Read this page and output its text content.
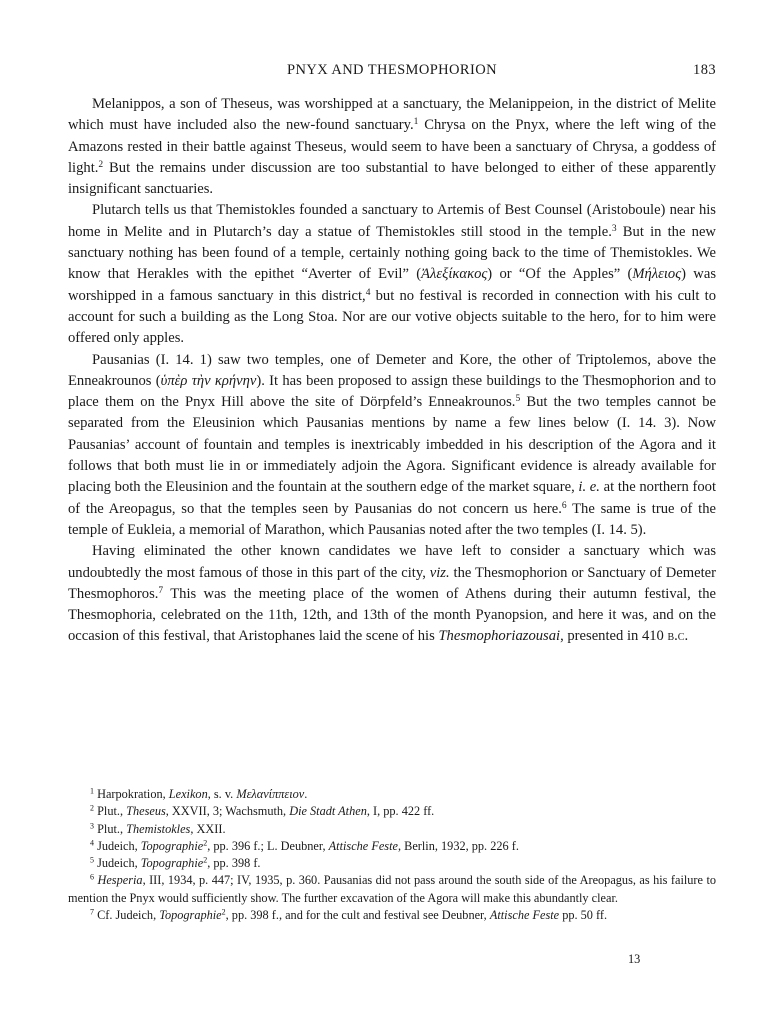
PNYX AND THESMOPHORION	183

Melanippos, a son of Theseus, was worshipped at a sanctuary, the Melanippeion, in the district of Melite which must have included also the new-found sanctuary.$^1$ Chrysa on the Pnyx, where the left wing of the Amazons rested in their battle against Theseus, would seem to have been a sanctuary of Chrysa, a goddess of light.$^2$ But the remains under discussion are too substantial to have belonged to either of these apparently insignificant sanctuaries.

Plutarch tells us that Themistokles founded a sanctuary to Artemis of Best Counsel (Aristoboule) near his home in Melite and in Plutarch’s day a statue of Themistokles still stood in the temple.$^3$ But in the new sanctuary nothing has been found of a temple, certainly nothing going back to the time of Themistokles. We know that Herakles with the epithet “Averter of Evil” (Ἀλεξίκακος) or “Of the Apples” (Μήλειος) was worshipped in a famous sanctuary in this district,$^4$ but no festival is recorded in connection with his cult to account for such a building as the Long Stoa. Nor are our votive objects suitable to the hero, for to him were offered only apples.

Pausanias (I. 14. 1) saw two temples, one of Demeter and Kore, the other of Triptolemos, above the Enneakrounos (ὑπὲρ τὴν κρήνην). It has been proposed to assign these buildings to the Thesmophorion and to place them on the Pnyx Hill above the site of Dörpfeld’s Enneakrounos.$^5$ But the two temples cannot be separated from the Eleusinion which Pausanias mentions by name a few lines below (I. 14. 3). Now Pausanias’ account of fountain and temples is inextricably imbedded in his description of the Agora and it follows that both must lie in or immediately adjoin the Agora. Significant evidence is already available for placing both the Eleusinion and the fountain at the southern edge of the market square, i. e. at the northern foot of the Areopagus, so that the temples seen by Pausanias do not concern us here.$^6$ The same is true of the temple of Eukleia, a memorial of Marathon, which Pausanias noted after the two temples (I. 14. 5).

Having eliminated the other known candidates we have left to consider a sanctuary which was undoubtedly the most famous of those in this part of the city, viz. the Thesmophorion or Sanctuary of Demeter Thesmophoros.$^7$ This was the meeting place of the women of Athens during their autumn festival, the Thesmophoria, celebrated on the 11th, 12th, and 13th of the month Pyanopsion, and here it was, and on the occasion of this festival, that Aristophanes laid the scene of his Thesmophoriazousai, presented in 410 b.c.

$^1$ Harpokration, Lexikon, s. v. Μελανίππειον.

$^2$ Plut., Theseus, XXVII, 3; Wachsmuth, Die Stadt Athen, I, pp. 422 ff.

$^3$ Plut., Themistokles, XXII.

$^4$ Judeich, Topographie$^2$, pp. 396 f.; L. Deubner, Attische Feste, Berlin, 1932, pp. 226 f.

$^5$ Judeich, Topographie$^2$, pp. 398 f.

$^6$ Hesperia, III, 1934, p. 447; IV, 1935, p. 360. Pausanias did not pass around the south side of the Areopagus, as his failure to mention the Pnyx would sufficiently show. The further excavation of the Agora will make this abundantly clear.

$^7$ Cf. Judeich, Topographie$^2$, pp. 398 f., and for the cult and festival see Deubner, Attische Feste pp. 50 ff.

13
